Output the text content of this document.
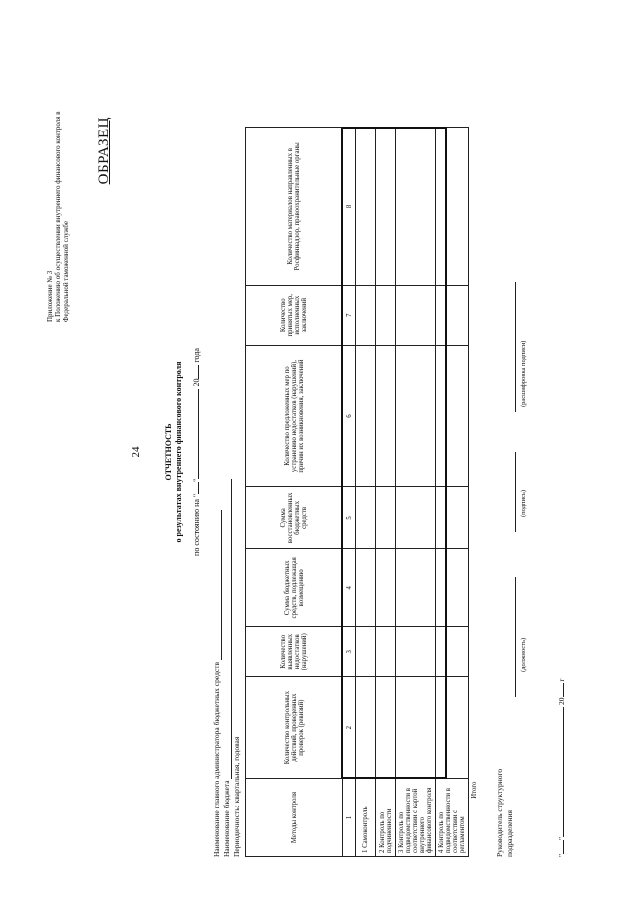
24
Приложение № 3 к Положению об осуществлении внутреннего финансового контроля в Федеральной таможенной службе
ОБРАЗЕЦ
ОТЧЕТНОСТЬ о результатах внутреннего финансового контроля по состоянию на "" 20 года
Наименование главного администратора бюджетных средств Наименование бюджета Периодичность: квартальная, годовая	Методы контроля	Количество контрольных действий, проведенных проверок (ревизий)	Количество выявленных недостатков (нарушений)	Сумма бюджетных средств, подлежащая возмещению	Сумма восстановленных бюджетных средств	Количество предложенных мер по устранению недостатков (нарушений), причин их возникновения, заключений	Количество принятых мер, исполненных заключений	Количество материалов направленных в Росфиннадзор, правоохранительные органы
1	2	3	4	5	6	7	8
1 Самоконтроль							
2 Контроль по подчиненности							
3 Контроль по подведомственности в соответствии с картой внутреннего финансового контроля							
4 Контроль по подведомственности в соответствии с регламентом							
Итого							Руководитель структурного подразделения
(должность)
(подпись)
(расшифровка подписи)
"" 20 г
